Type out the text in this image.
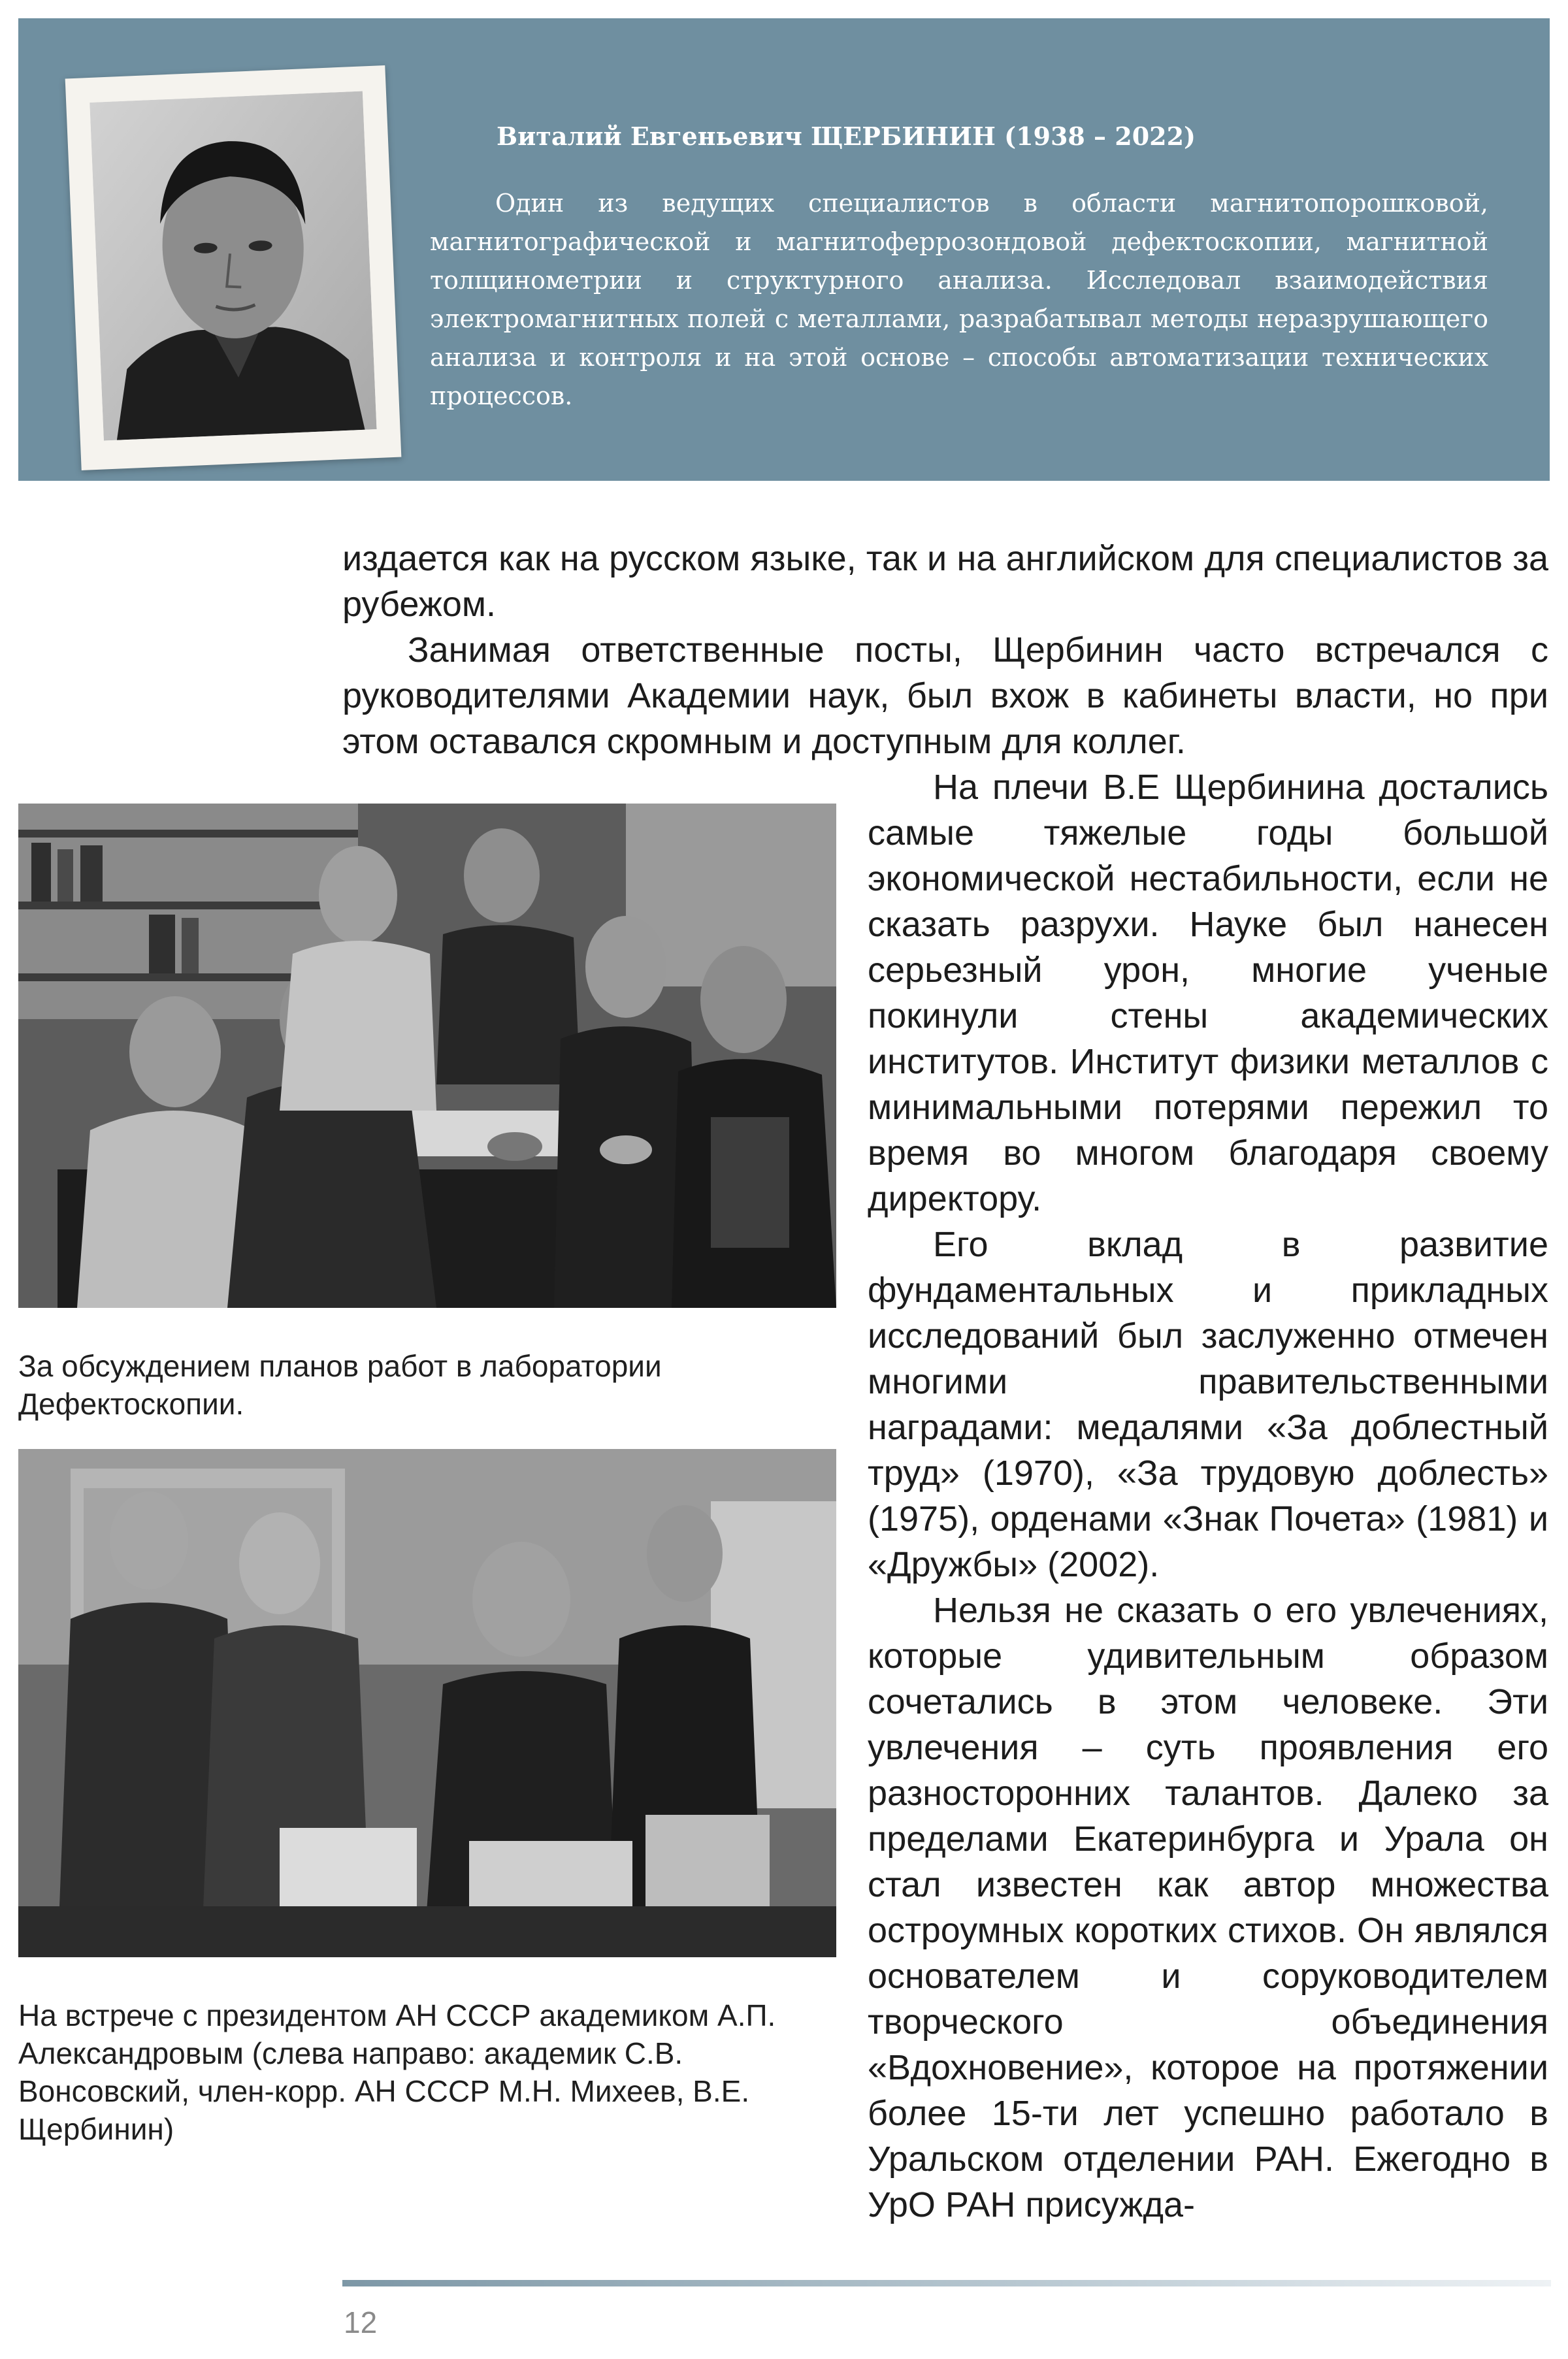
Виталий Евгеньевич ЩЕРБИНИН (1938 – 2022)

Один из ведущих специалистов в области магнитопорошковой, магнитографической и магнитоферрозондовой дефектоскопии, магнитной толщинометрии и структурного анализа. Исследовал взаимодействия электромагнитных полей с металлами, разрабатывал методы неразрушающего анализа и контроля и на этой основе – способы автоматизации технических процессов.

издается как на русском языке, так и на английском для специалистов за рубежом.

Занимая ответственные посты, Щербинин часто встречался с руководителями Академии наук, был вхож в кабинеты власти, но при этом оставался скромным и доступным для коллег.

На плечи В.Е Щербинина достались самые тяжелые годы большой экономической нестабильности, если не сказать разрухи. Науке был нанесен серьезный урон, многие ученые покинули стены академических институтов. Институт физики металлов с минимальными потерями пережил то время во многом благодаря своему директору.

Его вклад в развитие фундаментальных и прикладных исследований был заслуженно отмечен многими правительственными наградами: медалями «За доблестный труд» (1970), «За трудовую доблесть» (1975), орденами «Знак Почета» (1981) и «Дружбы» (2002).

Нельзя не сказать о его увлечениях, которые удивительным образом сочетались в этом человеке. Эти увлечения – суть проявления его разносторонних талантов. Далеко за пределами Екатеринбурга и Урала он стал известен как автор множества остроумных коротких стихов. Он являлся основателем и соруководителем творческого объединения «Вдохновение», которое на протяжении более 15-ти лет успешно работало в Уральском отделении РАН. Ежегодно в УрО РАН присужда-

За обсуждением планов работ в лаборатории Дефектоскопии.

На встрече с президентом АН СССР академиком А.П. Александровым (слева направо: академик С.В. Вонсовский, член-корр. АН СССР М.Н. Михеев, В.Е. Щербинин)

12
